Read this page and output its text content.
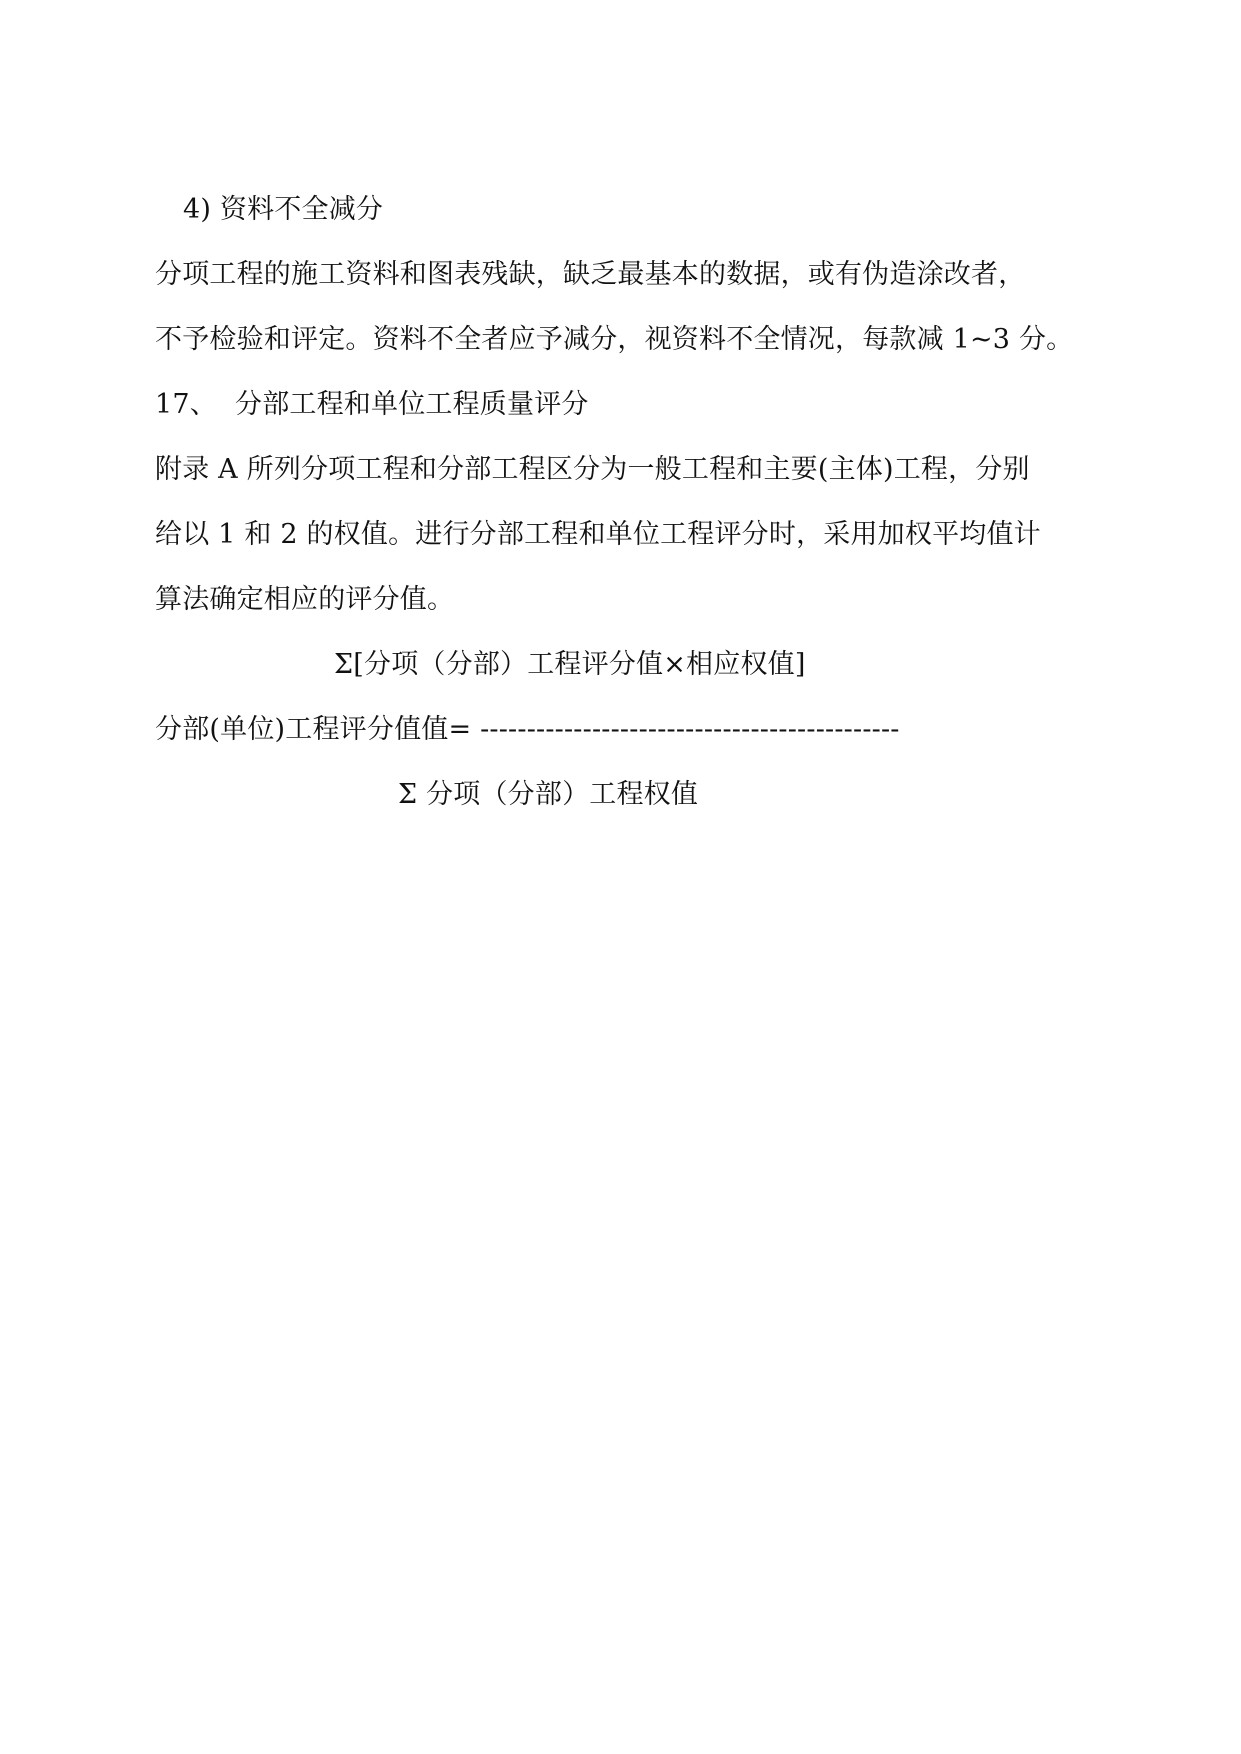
4) 资料不全减分
分项工程的施工资料和图表残缺，缺乏最基本的数据，或有伪造涂改者，
不予检验和评定。资料不全者应予减分，视资料不全情况，每款减 1~3 分。
17、 分部工程和单位工程质量评分
附录 A 所列分项工程和分部工程区分为一般工程和主要(主体)工程，分别
给以 1 和 2 的权值。进行分部工程和单位工程评分时，采用加权平均值计
算法确定相应的评分值。
Σ[分项（分部）工程评分值×相应权值]
分部(单位)工程评分值值= ---------------------------------------------
Σ 分项（分部）工程权值
